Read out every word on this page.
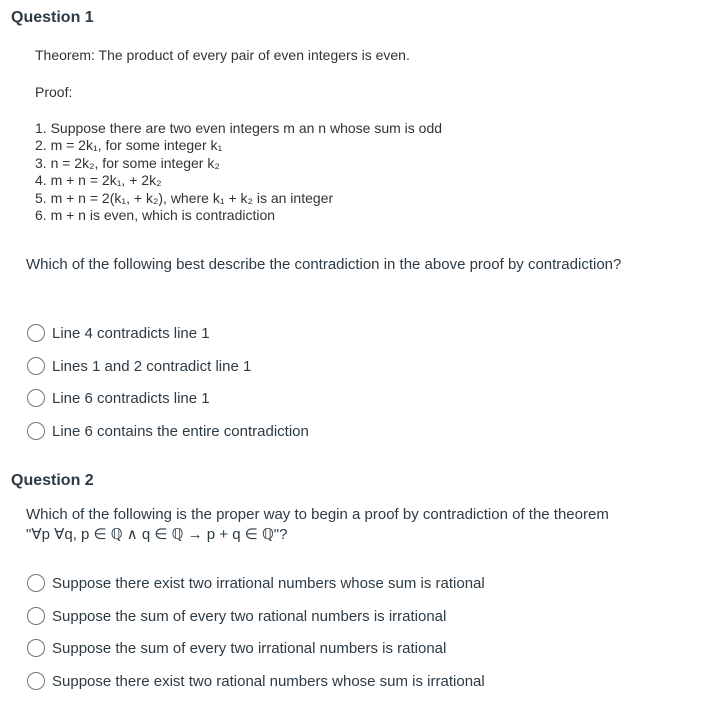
Question 1
Theorem: The product of every pair of even integers is even.
Proof:
1. Suppose there are two even integers m an n whose sum is odd
2. m = 2k₁, for some integer k₁
3. n = 2k₂, for some integer k₂
4. m + n = 2k₁, + 2k₂
5. m + n = 2(k₁, + k₂), where k₁ + k₂ is an integer
6. m + n is even, which is contradiction
Which of the following best describe the contradiction in the above proof by contradiction?
Line 4 contradicts line 1
Lines 1 and 2 contradict line 1
Line 6 contradicts line 1
Line 6 contains the entire contradiction
Question 2
Which of the following is the proper way to begin a proof by contradiction of the theorem "∀p ∀q, p ∈ ℚ ∧ q ∈ ℚ → p + q ∈ ℚ"?
Suppose there exist two irrational numbers whose sum is rational
Suppose the sum of every two rational numbers is irrational
Suppose the sum of every two irrational numbers is rational
Suppose there exist two rational numbers whose sum is irrational
